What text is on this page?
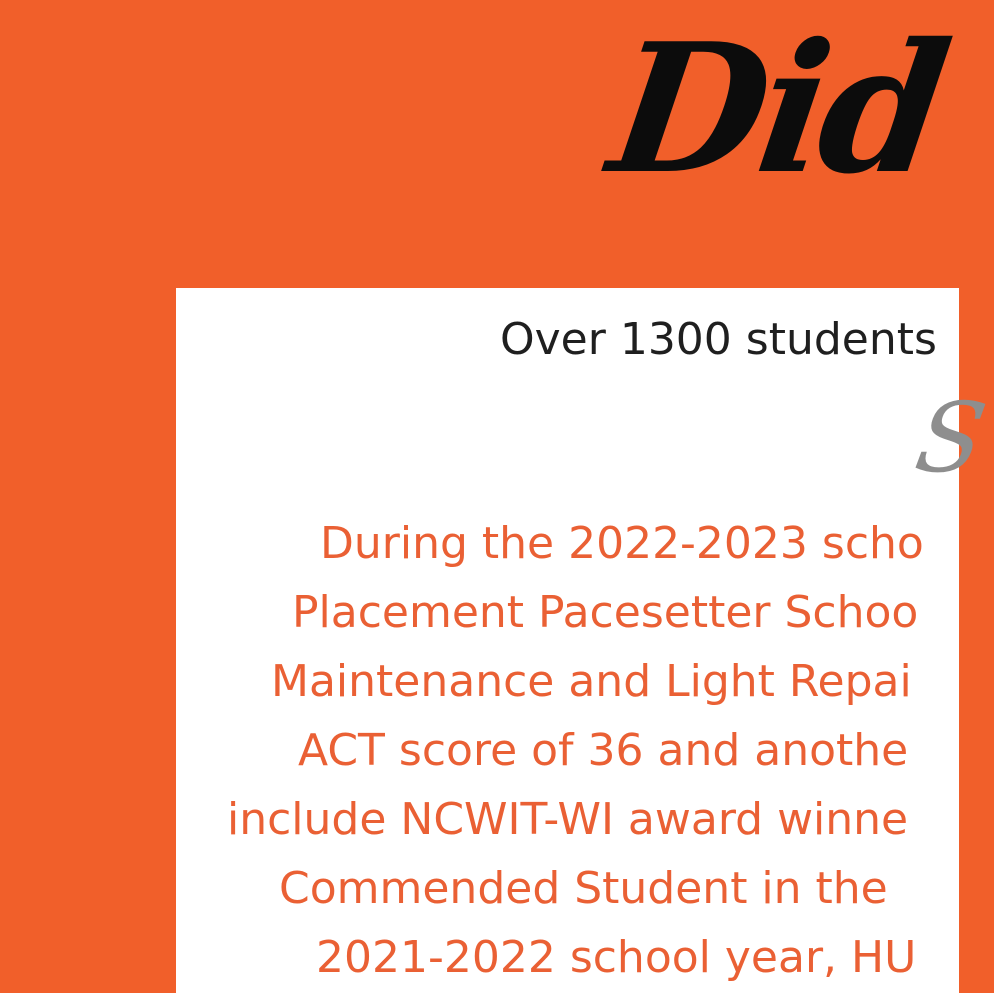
Did

Over 1300 students

S

During the 2022-2023 scho

Placement Pacesetter Schoo

Maintenance and Light Repai

ACT score of 36 and anothe

include NCWIT-WI award winne

Commended Student in the

2021-2022 school year, HU
